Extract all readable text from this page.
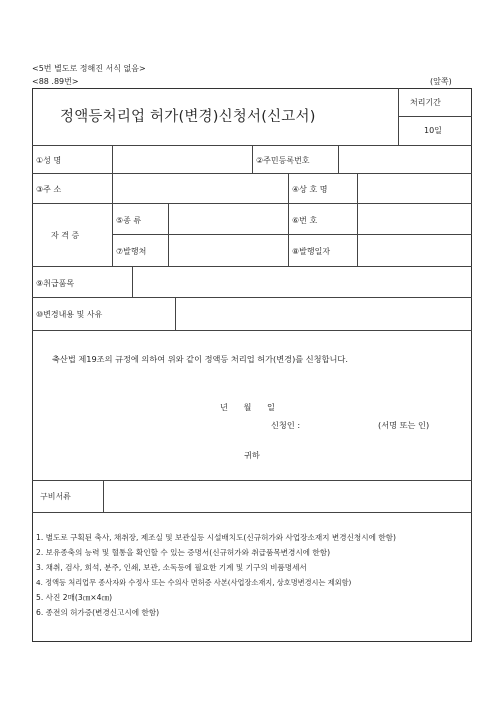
<5번 별도로 정해진 서식 없음>
<88 .89번>	(앞쪽)
정액등처리업 허가(변경)신청서(신고서)
처리기간
10일
①성 명	②주민등록번호
③주 소	④상 호 명
자 격 증
⑤종 류	⑥번 호
⑦발행처	⑧발행일자
⑨취급품목
⑩변경내용 및 사유
축산법 제19조의 규정에 의하여 위와 같이 정액등 처리업 허가(변경)를 신청합니다.
년      월      일
신청인 :	(서명 또는 인)
귀하
구비서류
1. 별도로 구획된 축사, 채취장, 제조실 및 보관실등 시설배치도(신규허가와 사업장소재지 변경신청시에 한함)
2. 보유종축의 능력 및 혈통을 확인할 수 있는 증명서(신규허가와 취급품목변경시에 한함)
3. 채취, 검사, 희석, 분주, 인쇄, 보관, 소독등에 필요한 기계 및 기구의 비품명세서
4. 정액등 처리업무 종사자와 수정사 또는 수의사 면허증 사본(사업장소재지, 상호명변경시는 제외함)
5. 사진 2매(3㎝×4㎝)
6. 종전의 허가증(변경신고시에 한함)
